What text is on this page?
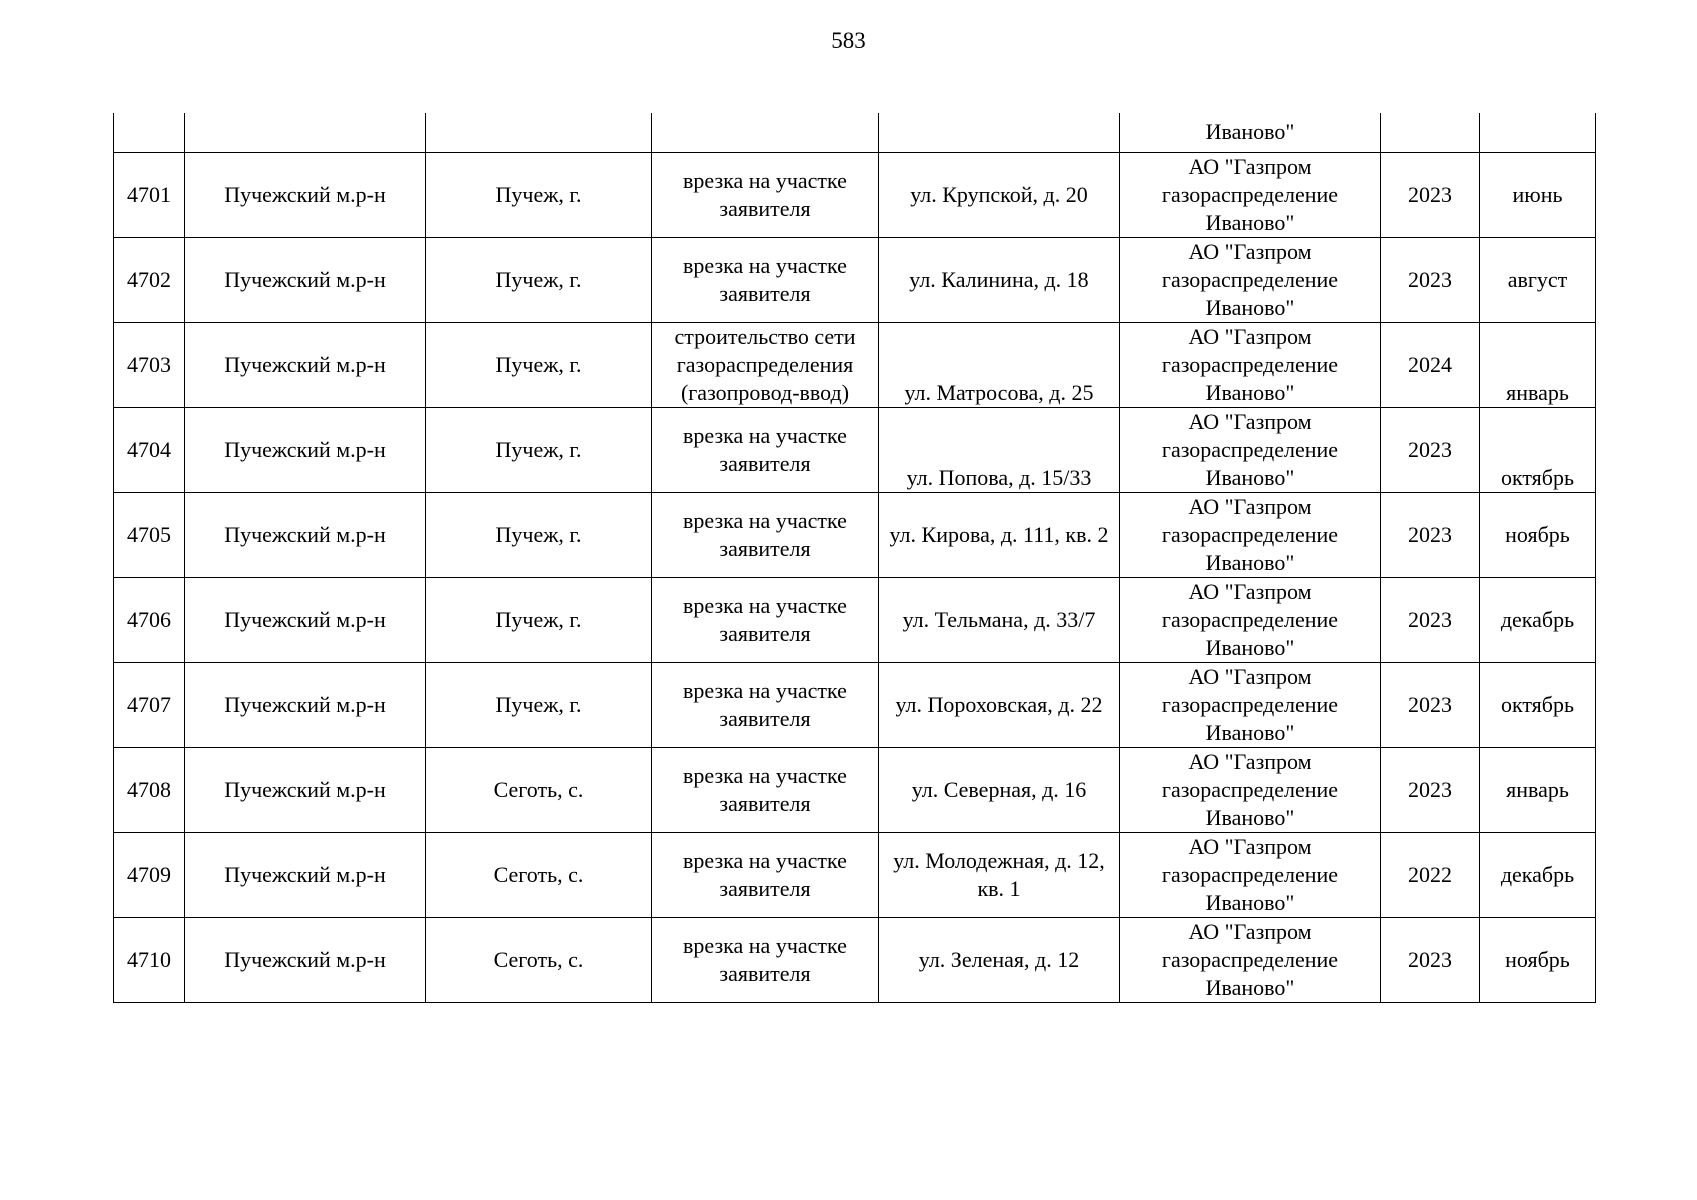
583
					Иваново"		
4701	Пучежский м.р-н	Пучеж, г.	врезка на участке заявителя	ул. Крупской, д. 20	АО "Газпром газораспределение Иваново"	2023	июнь
4702	Пучежский м.р-н	Пучеж, г.	врезка на участке заявителя	ул. Калинина, д. 18	АО "Газпром газораспределение Иваново"	2023	август
4703	Пучежский м.р-н	Пучеж, г.	строительство сети газораспределения (газопровод-ввод)	ул. Матросова, д. 25	АО "Газпром газораспределение Иваново"	2024	январь
4704	Пучежский м.р-н	Пучеж, г.	врезка на участке заявителя	ул. Попова, д. 15/33	АО "Газпром газораспределение Иваново"	2023	октябрь
4705	Пучежский м.р-н	Пучеж, г.	врезка на участке заявителя	ул. Кирова, д. 111, кв. 2	АО "Газпром газораспределение Иваново"	2023	ноябрь
4706	Пучежский м.р-н	Пучеж, г.	врезка на участке заявителя	ул. Тельмана, д. 33/7	АО "Газпром газораспределение Иваново"	2023	декабрь
4707	Пучежский м.р-н	Пучеж, г.	врезка на участке заявителя	ул. Пороховская, д. 22	АО "Газпром газораспределение Иваново"	2023	октябрь
4708	Пучежский м.р-н	Сеготь, с.	врезка на участке заявителя	ул. Северная, д. 16	АО "Газпром газораспределение Иваново"	2023	январь
4709	Пучежский м.р-н	Сеготь, с.	врезка на участке заявителя	ул. Молодежная, д. 12, кв. 1	АО "Газпром газораспределение Иваново"	2022	декабрь
4710	Пучежский м.р-н	Сеготь, с.	врезка на участке заявителя	ул. Зеленая, д. 12	АО "Газпром газораспределение Иваново"	2023	ноябрь
